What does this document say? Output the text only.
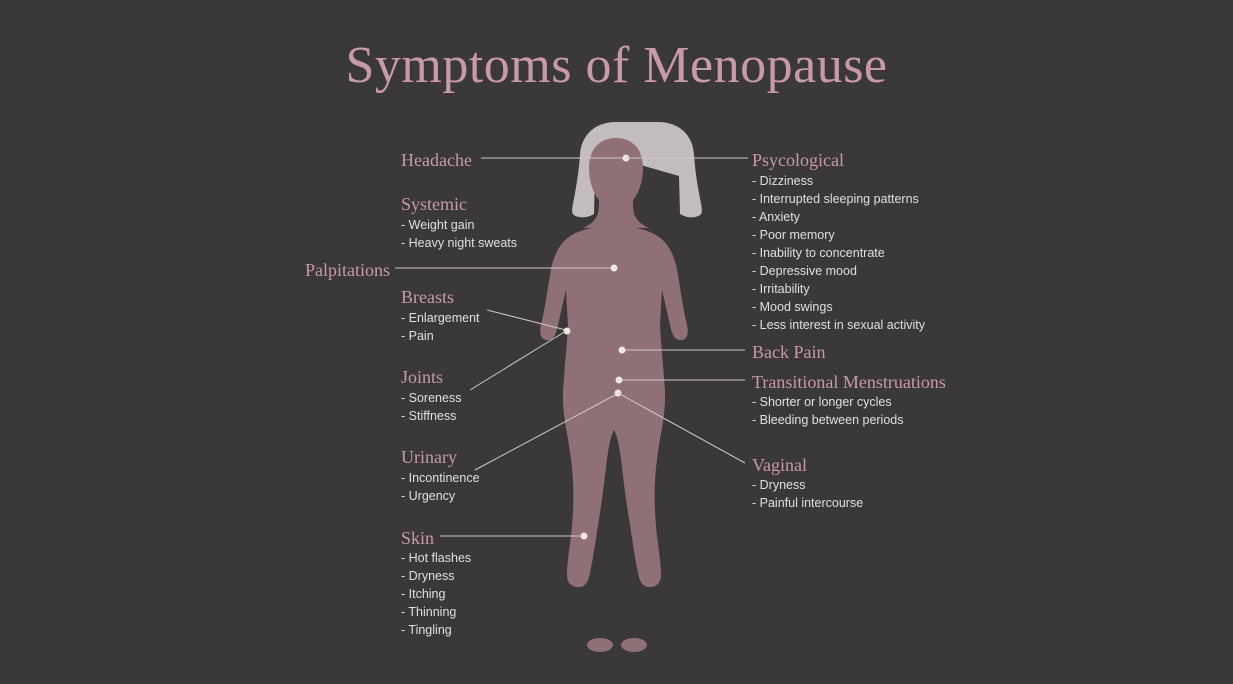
Symptoms of Menopause
Headache
Systemic
- Weight gain
- Heavy night sweats
Palpitations
Breasts
- Enlargement
- Pain
Joints
- Soreness
- Stiffness
Urinary
- Incontinence
- Urgency
Skin
- Hot flashes
- Dryness
- Itching
- Thinning
- Tingling
Psycological
- Dizziness
- Interrupted sleeping patterns
- Anxiety
- Poor memory
- Inability to concentrate
- Depressive mood
- Irritability
- Mood swings
- Less interest in sexual activity
Back Pain
Transitional Menstruations
- Shorter or longer cycles
- Bleeding between periods
Vaginal
- Dryness
- Painful intercourse
